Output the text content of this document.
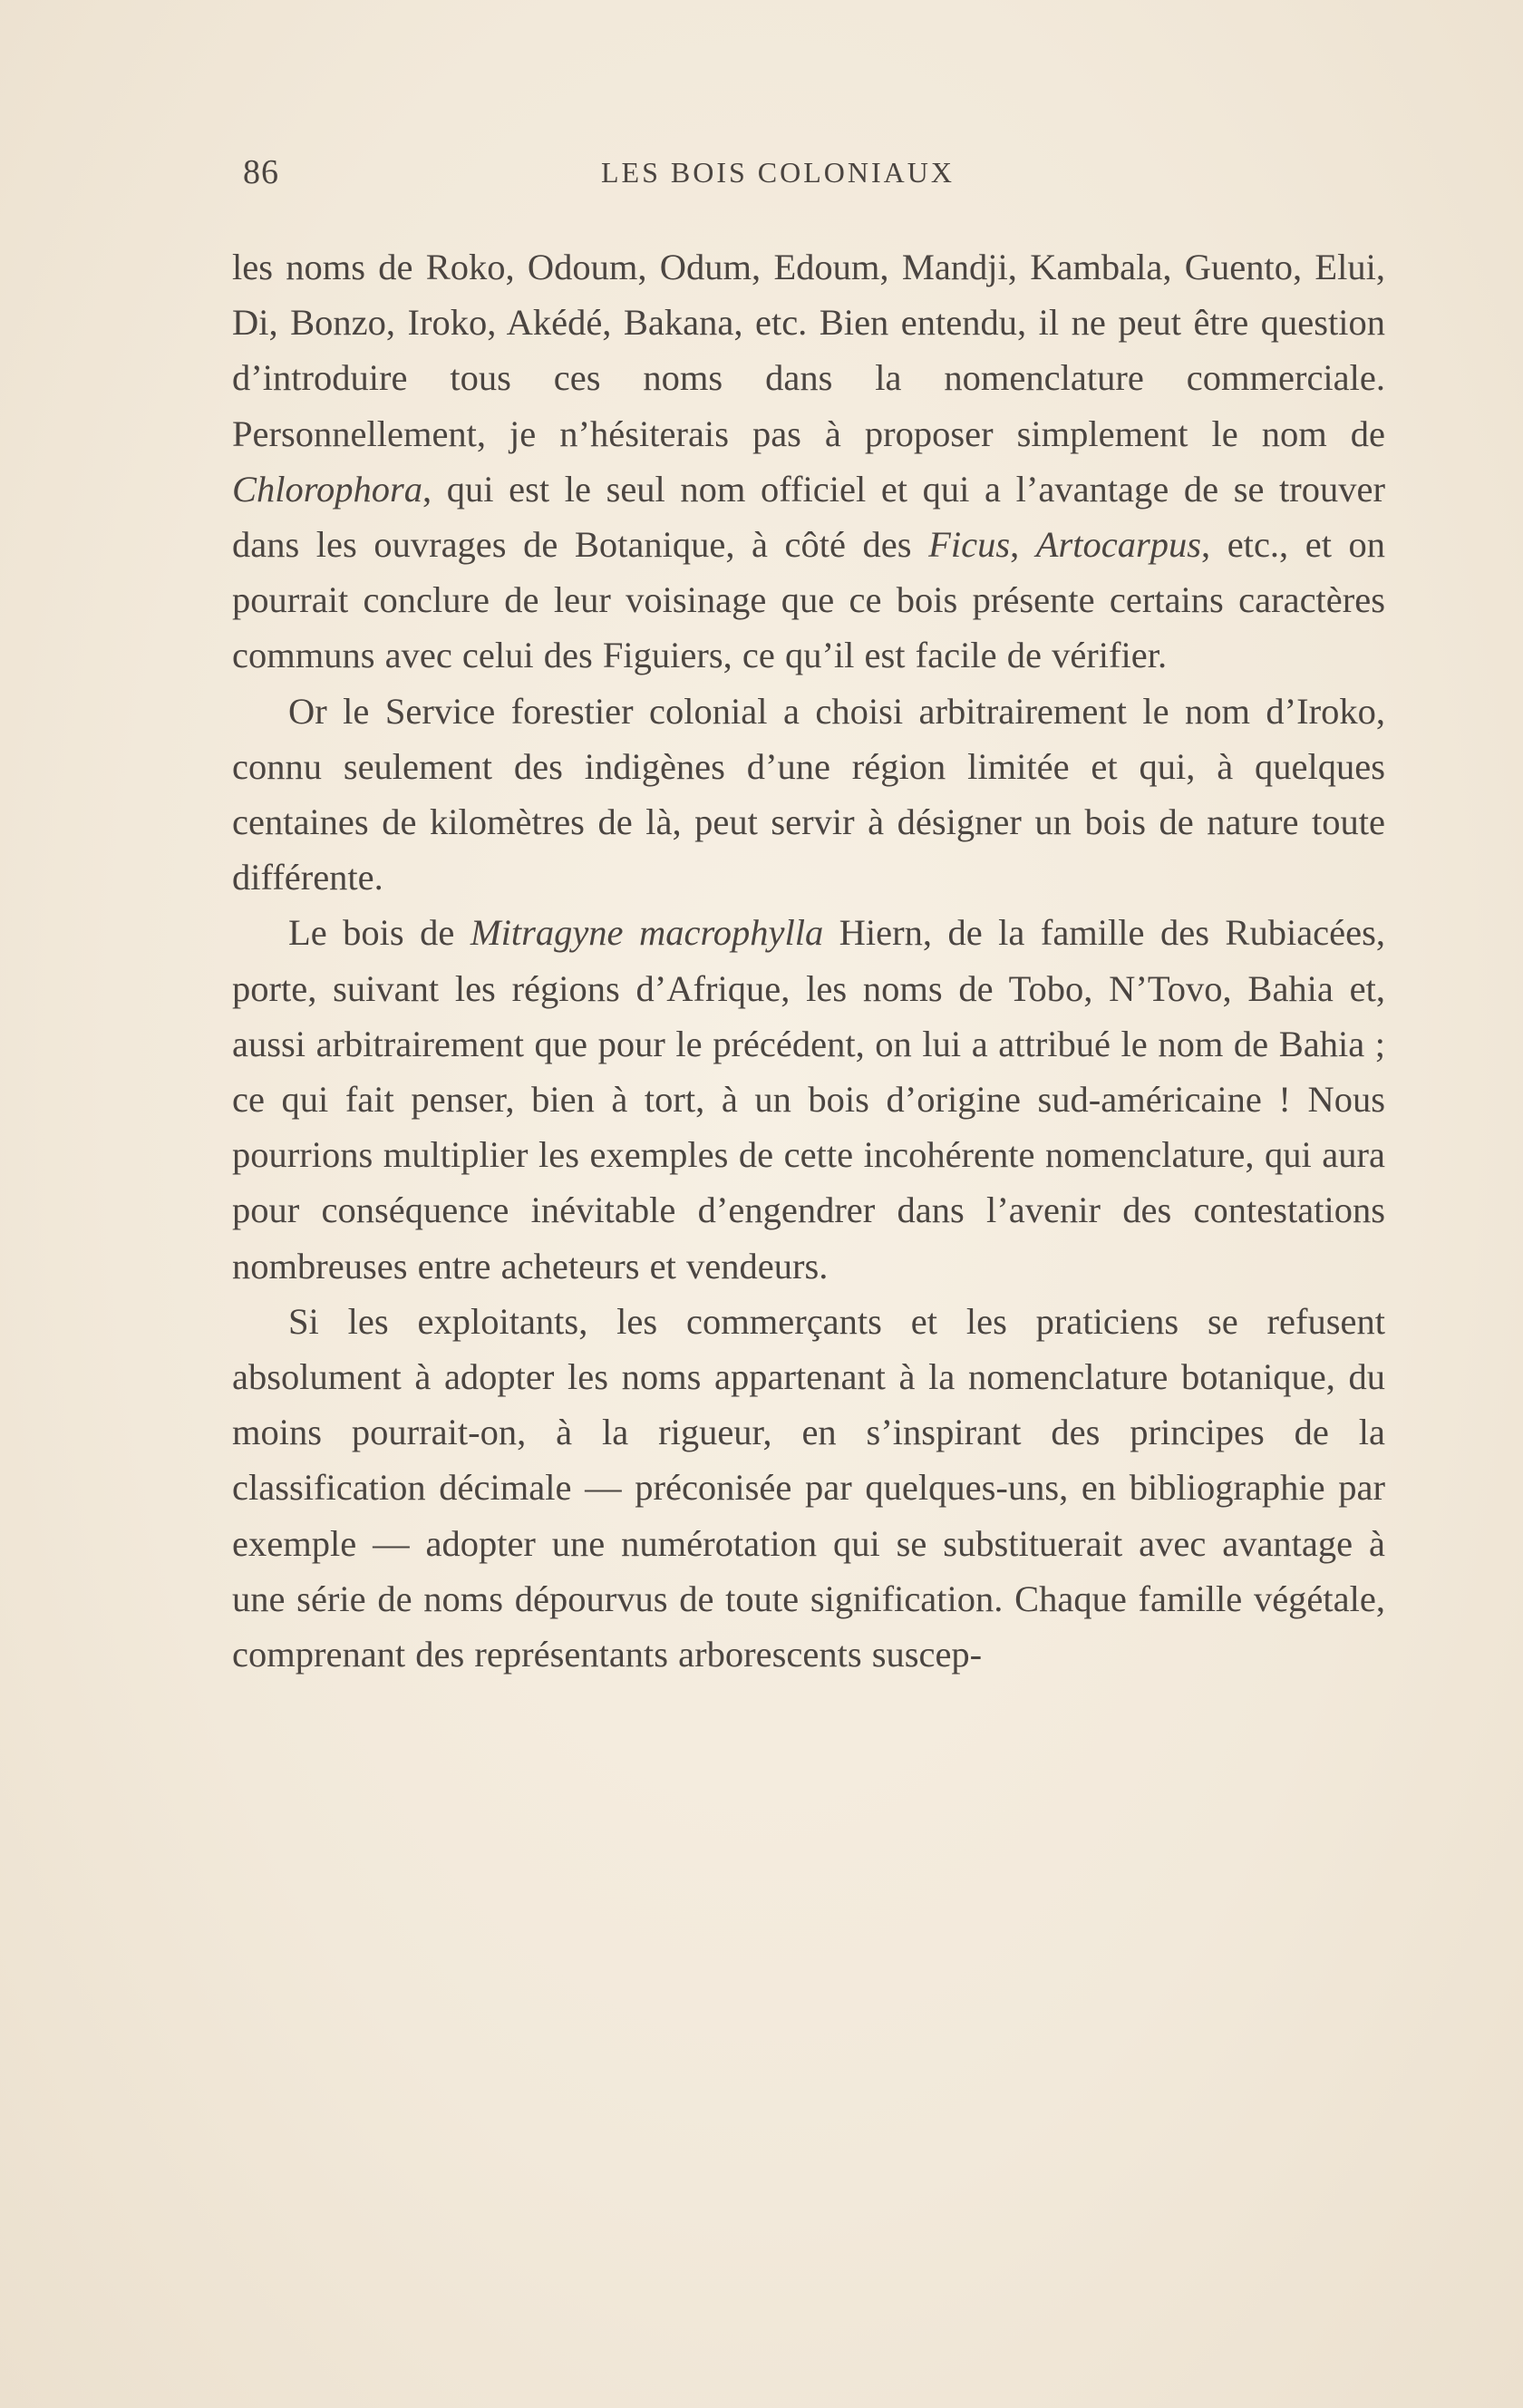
86	LES BOIS COLONIAUX

les noms de Roko, Odoum, Odum, Edoum, Mandji, Kambala, Guento, Elui, Di, Bonzo, Iroko, Akédé, Bakana, etc. Bien entendu, il ne peut être question d’introduire tous ces noms dans la nomenclature commerciale. Personnellement, je n’hésiterais pas à proposer simplement le nom de Chlorophora, qui est le seul nom officiel et qui a l’avantage de se trouver dans les ouvrages de Botanique, à côté des Ficus, Artocarpus, etc., et on pourrait conclure de leur voisinage que ce bois présente certains caractères communs avec celui des Figuiers, ce qu’il est facile de vérifier.

Or le Service forestier colonial a choisi arbitrairement le nom d’Iroko, connu seulement des indigènes d’une région limitée et qui, à quelques centaines de kilomètres de là, peut servir à désigner un bois de nature toute différente.

Le bois de Mitragyne macrophylla Hiern, de la famille des Rubiacées, porte, suivant les régions d’Afrique, les noms de Tobo, N’Tovo, Bahia et, aussi arbitrairement que pour le précédent, on lui a attribué le nom de Bahia ; ce qui fait penser, bien à tort, à un bois d’origine sud-américaine ! Nous pourrions multiplier les exemples de cette incohérente nomenclature, qui aura pour conséquence inévitable d’engendrer dans l’avenir des contestations nombreuses entre acheteurs et vendeurs.

Si les exploitants, les commerçants et les praticiens se refusent absolument à adopter les noms appartenant à la nomenclature botanique, du moins pourrait-on, à la rigueur, en s’inspirant des principes de la classification décimale — préconisée par quelques-uns, en bibliographie par exemple — adopter une numérotation qui se substituerait avec avantage à une série de noms dépourvus de toute signification. Chaque famille végétale, comprenant des représentants arborescents suscep-
